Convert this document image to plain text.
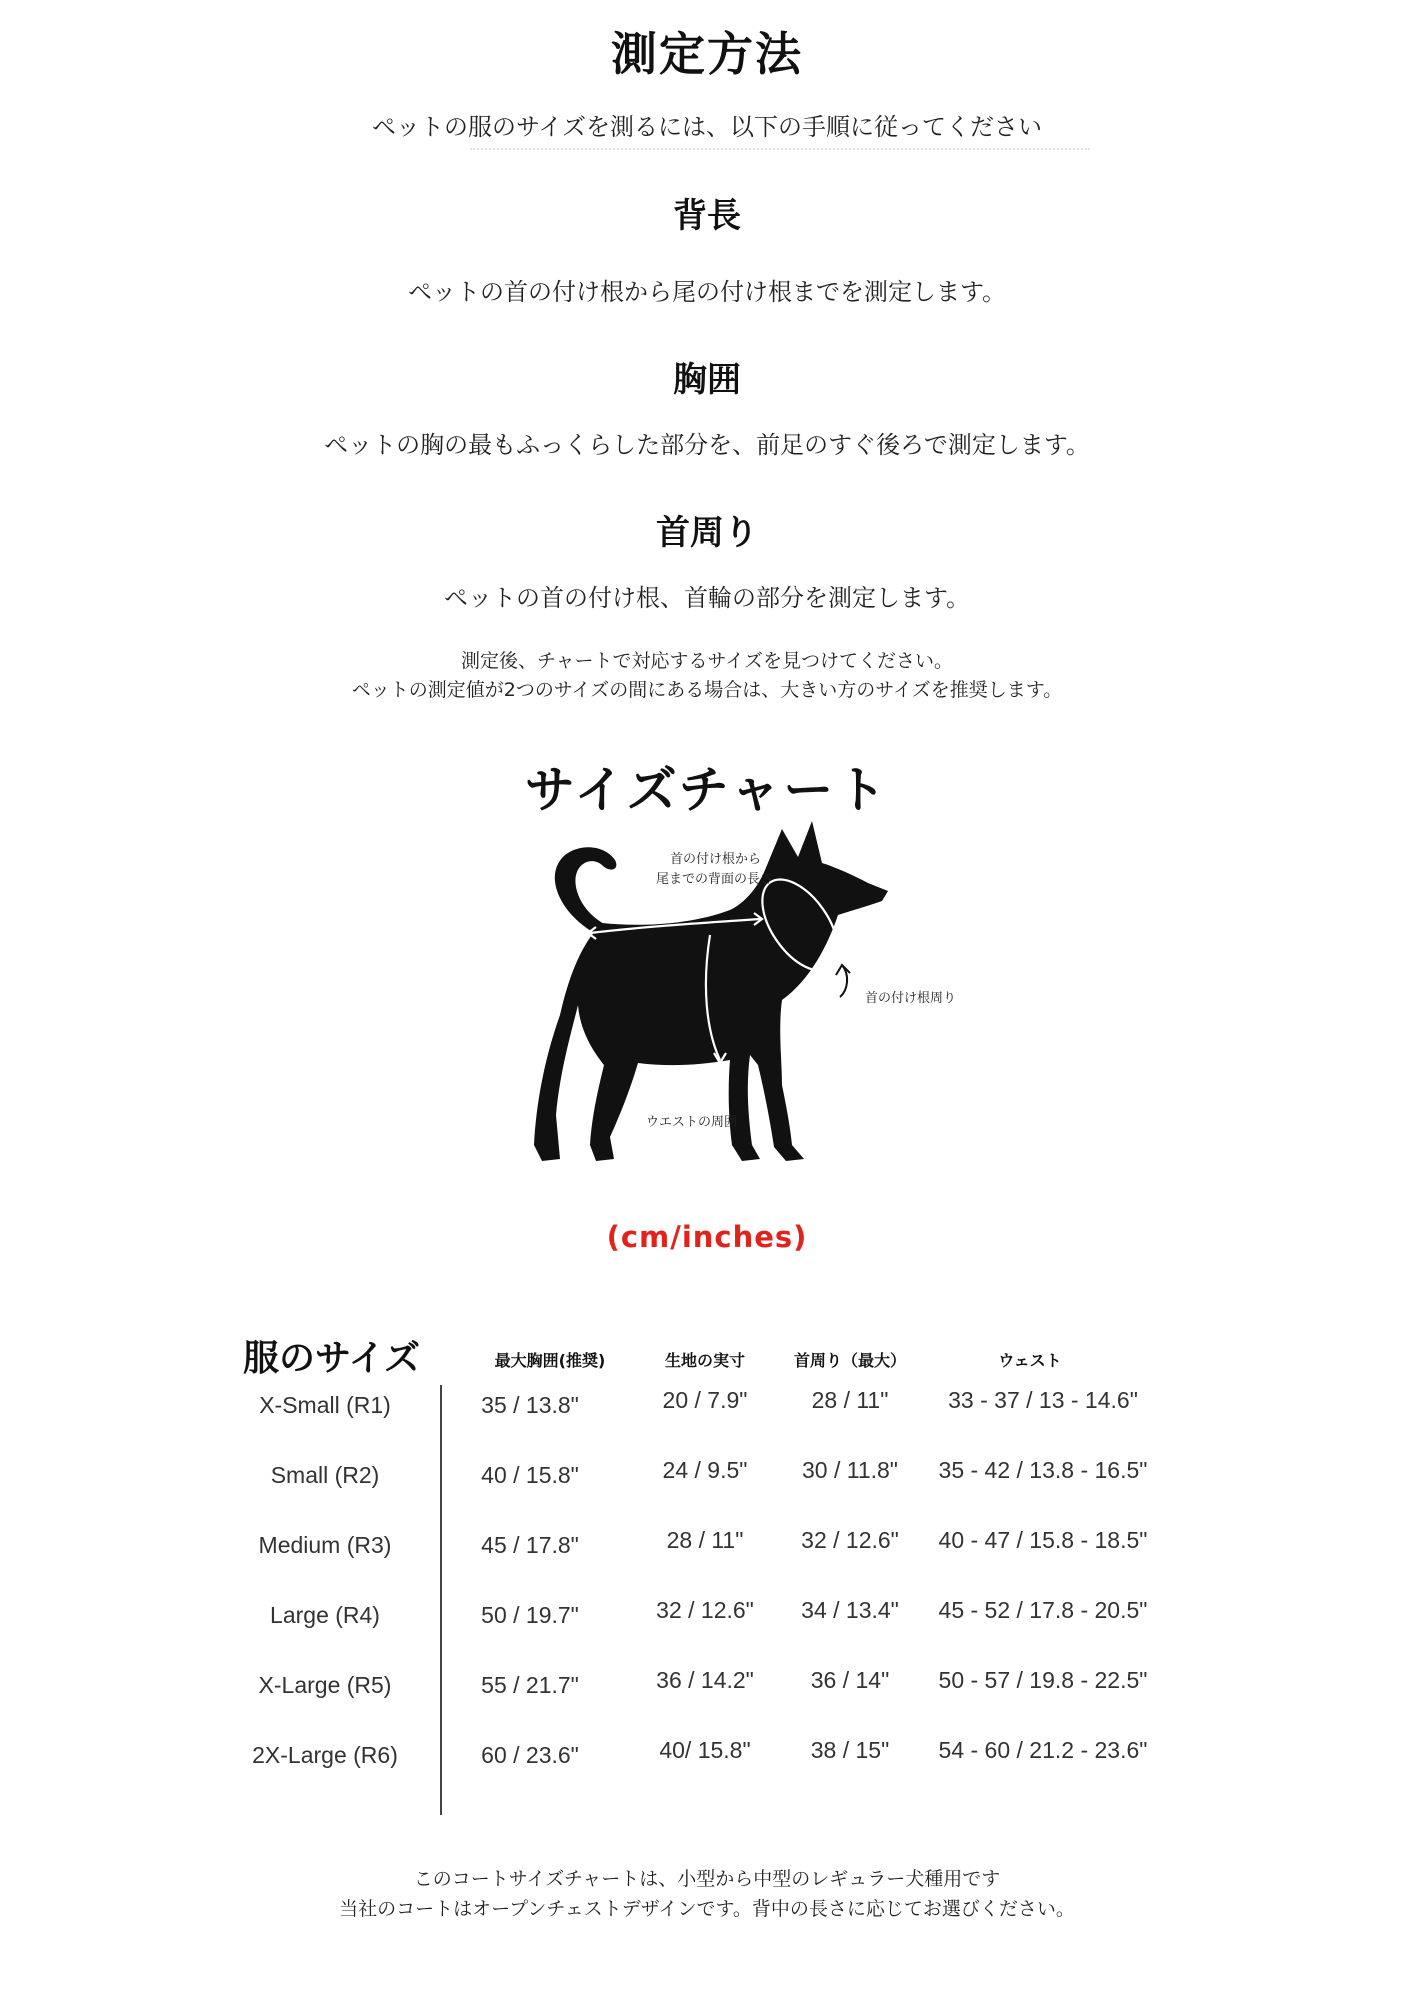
測定方法
ペットの服のサイズを測るには、以下の手順に従ってください
背長
ペットの首の付け根から尾の付け根までを測定します。
胸囲
ペットの胸の最もふっくらした部分を、前足のすぐ後ろで測定します。
首周り
ペットの首の付け根、首輪の部分を測定します。
測定後、チャートで対応するサイズを見つけてください。
ペットの測定値が2つのサイズの間にある場合は、大きい方のサイズを推奨します。
サイズチャート
首の付け根から
尾までの背面の長さ
首の付け根周り
ウエストの周囲
(cm/inches)
服のサイズ	最大胸囲(推奨)	生地の実寸	首周り（最大）	ウェスト
X-Small (R1)	35 / 13.8"	20 / 7.9"	28 / 11"	33 - 37 / 13 - 14.6"
Small (R2)	40 / 15.8"	24 / 9.5"	30 / 11.8"	35 - 42 / 13.8 - 16.5"
Medium (R3)	45 / 17.8"	28 / 11"	32 / 12.6"	40 - 47 / 15.8 - 18.5"
Large (R4)	50 / 19.7"	32 / 12.6"	34 / 13.4"	45 - 52 / 17.8 - 20.5"
X-Large (R5)	55 / 21.7"	36 / 14.2"	36 / 14"	50 - 57 / 19.8 - 22.5"
2X-Large (R6)	60 / 23.6"	40/ 15.8"	38 / 15"	54 - 60 / 21.2 - 23.6"
このコートサイズチャートは、小型から中型のレギュラー犬種用です
当社のコートはオープンチェストデザインです。背中の長さに応じてお選びください。
